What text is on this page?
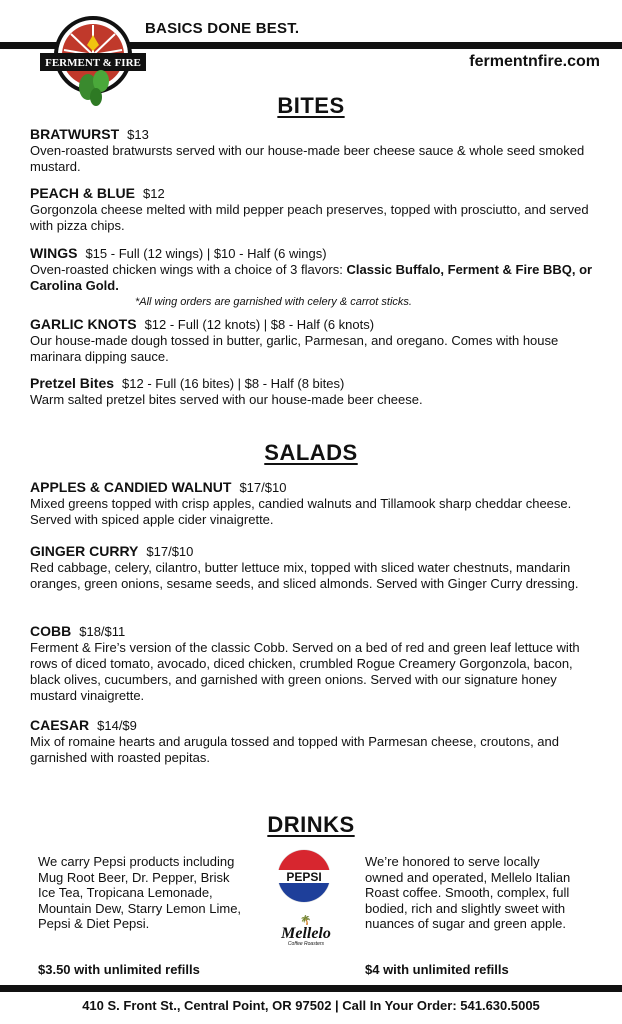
BASICS DONE BEST.
fermentnfire.com
FERMENT & FIRE
BITES
BRATWURST $13
Oven-roasted bratwursts served with our house-made beer cheese sauce & whole seed smoked mustard.
PEACH & BLUE $12
Gorgonzola cheese melted with mild pepper peach preserves, topped with prosciutto, and served with pizza chips.
WINGS $15 - Full (12 wings) | $10 - Half (6 wings)
Oven-roasted chicken wings with a choice of 3 flavors: Classic Buffalo, Ferment & Fire BBQ, or Carolina Gold.
*All wing orders are garnished with celery & carrot sticks.
GARLIC KNOTS $12 - Full (12 knots) | $8 - Half (6 knots)
Our house-made dough tossed in butter, garlic, Parmesan, and oregano. Comes with house marinara dipping sauce.
Pretzel Bites $12 - Full (16 bites) | $8 - Half (8 bites)
Warm salted pretzel bites served with our house-made beer cheese.
SALADS
APPLES & CANDIED WALNUT $17/$10
Mixed greens topped with crisp apples, candied walnuts and Tillamook sharp cheddar cheese. Served with spiced apple cider vinaigrette.
GINGER CURRY $17/$10
Red cabbage, celery, cilantro, butter lettuce mix, topped with sliced water chestnuts, mandarin oranges, green onions, sesame seeds, and sliced almonds. Served with Ginger Curry dressing.
COBB $18/$11
Ferment & Fire’s version of the classic Cobb. Served on a bed of red and green leaf lettuce with rows of diced tomato, avocado, diced chicken, crumbled Rogue Creamery Gorgonzola, bacon, black olives, cucumbers, and garnished with green onions. Served with our signature honey mustard vinaigrette.
CAESAR $14/$9
Mix of romaine hearts and arugula tossed and topped with Parmesan cheese, croutons, and garnished with roasted pepitas.
DRINKS
We carry Pepsi products including Mug Root Beer, Dr. Pepper, Brisk Ice Tea, Tropicana Lemonade, Mountain Dew, Starry Lemon Lime, Pepsi & Diet Pepsi.
$3.50 with unlimited refills
PEPSI
🌴
Mellelo
Coffee Roasters
We’re honored to serve locally owned and operated, Mellelo Italian Roast coffee. Smooth, complex, full bodied, rich and slightly sweet with nuances of sugar and green apple.
$4 with unlimited refills
410 S. Front St., Central Point, OR 97502 | Call In Your Order: 541.630.5005
